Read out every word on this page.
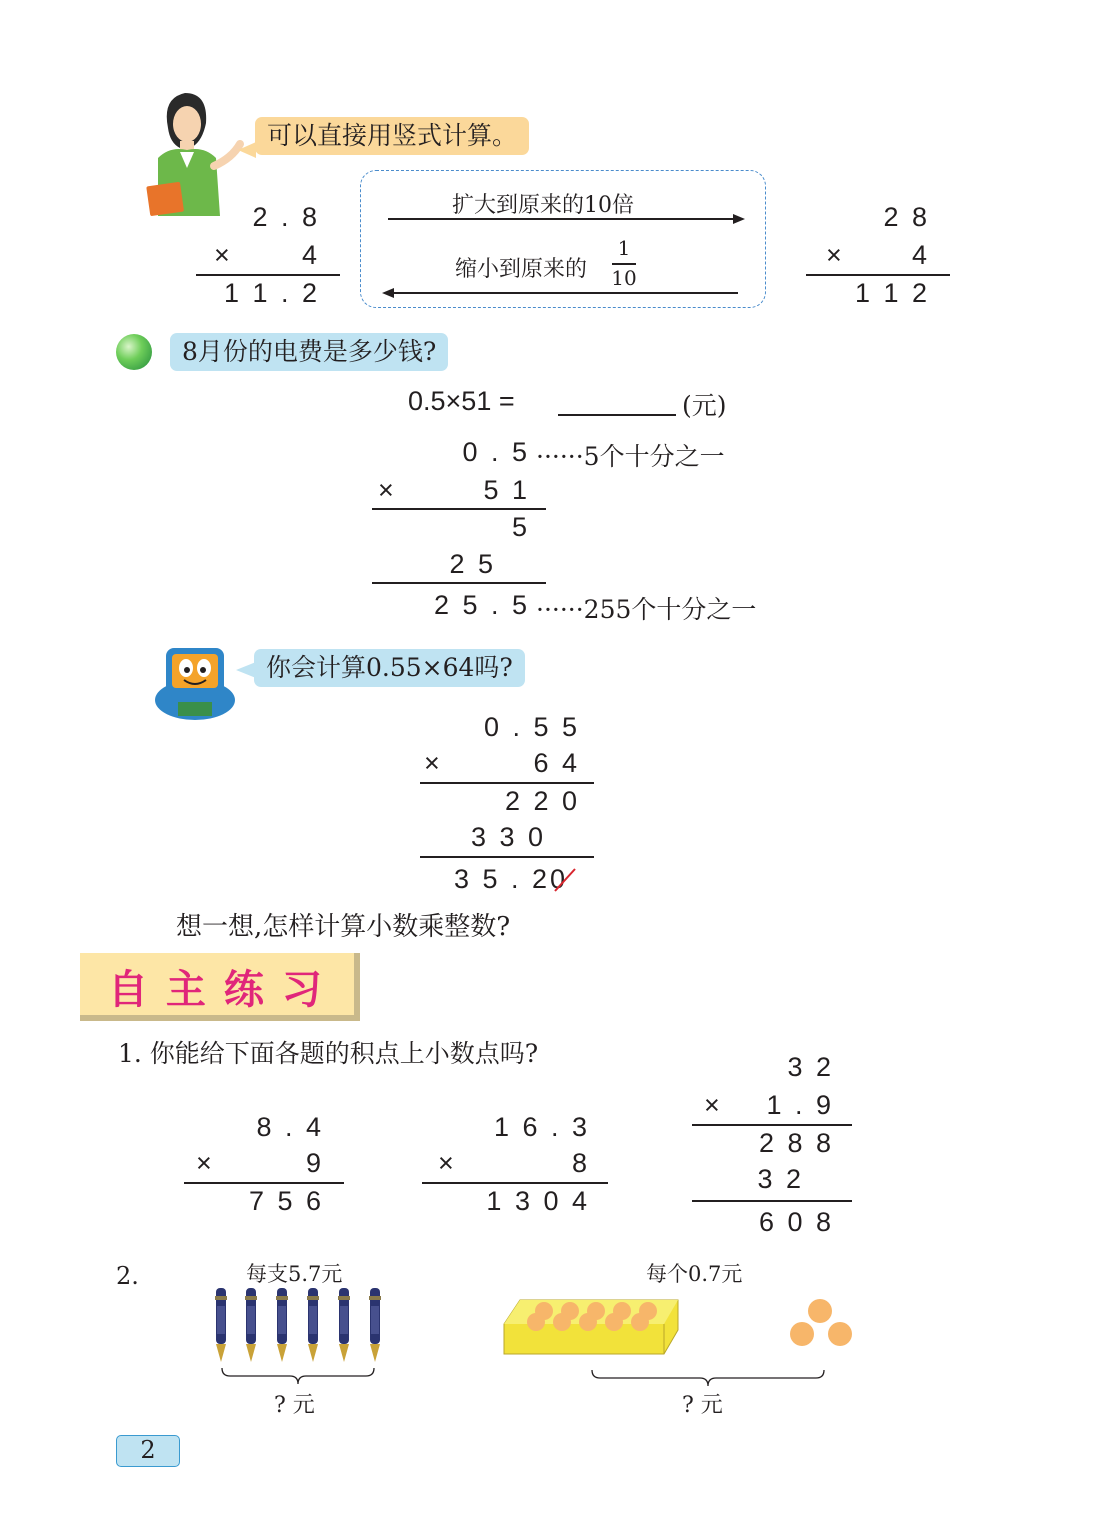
可以直接用竖式计算。
2 . 8
×	4
1 1 . 2
扩大到原来的10倍
缩小到原来的
1
10
2 8
×	4
1 1 2
8月份的电费是多少钱?
0.5×51 =	(元)
0 . 5 ······5个十分之一
×	5 1
5
2 5
2 5 . 5 ······255个十分之一
你会计算0.55×64吗?
0 . 5 5
×	6 4
2 2 0
3 3 0
3 5 . 2 0
想一想,怎样计算小数乘整数?
自 主 练 习
1. 你能给下面各题的积点上小数点吗?
8 . 4
×	9
7 5 6
1 6 . 3
×	8
1 3 0 4
3 2
×	1 . 9
2 8 8
3 2
6 0 8
2.	每支5.7元
? 元
每个0.7元
? 元
2
